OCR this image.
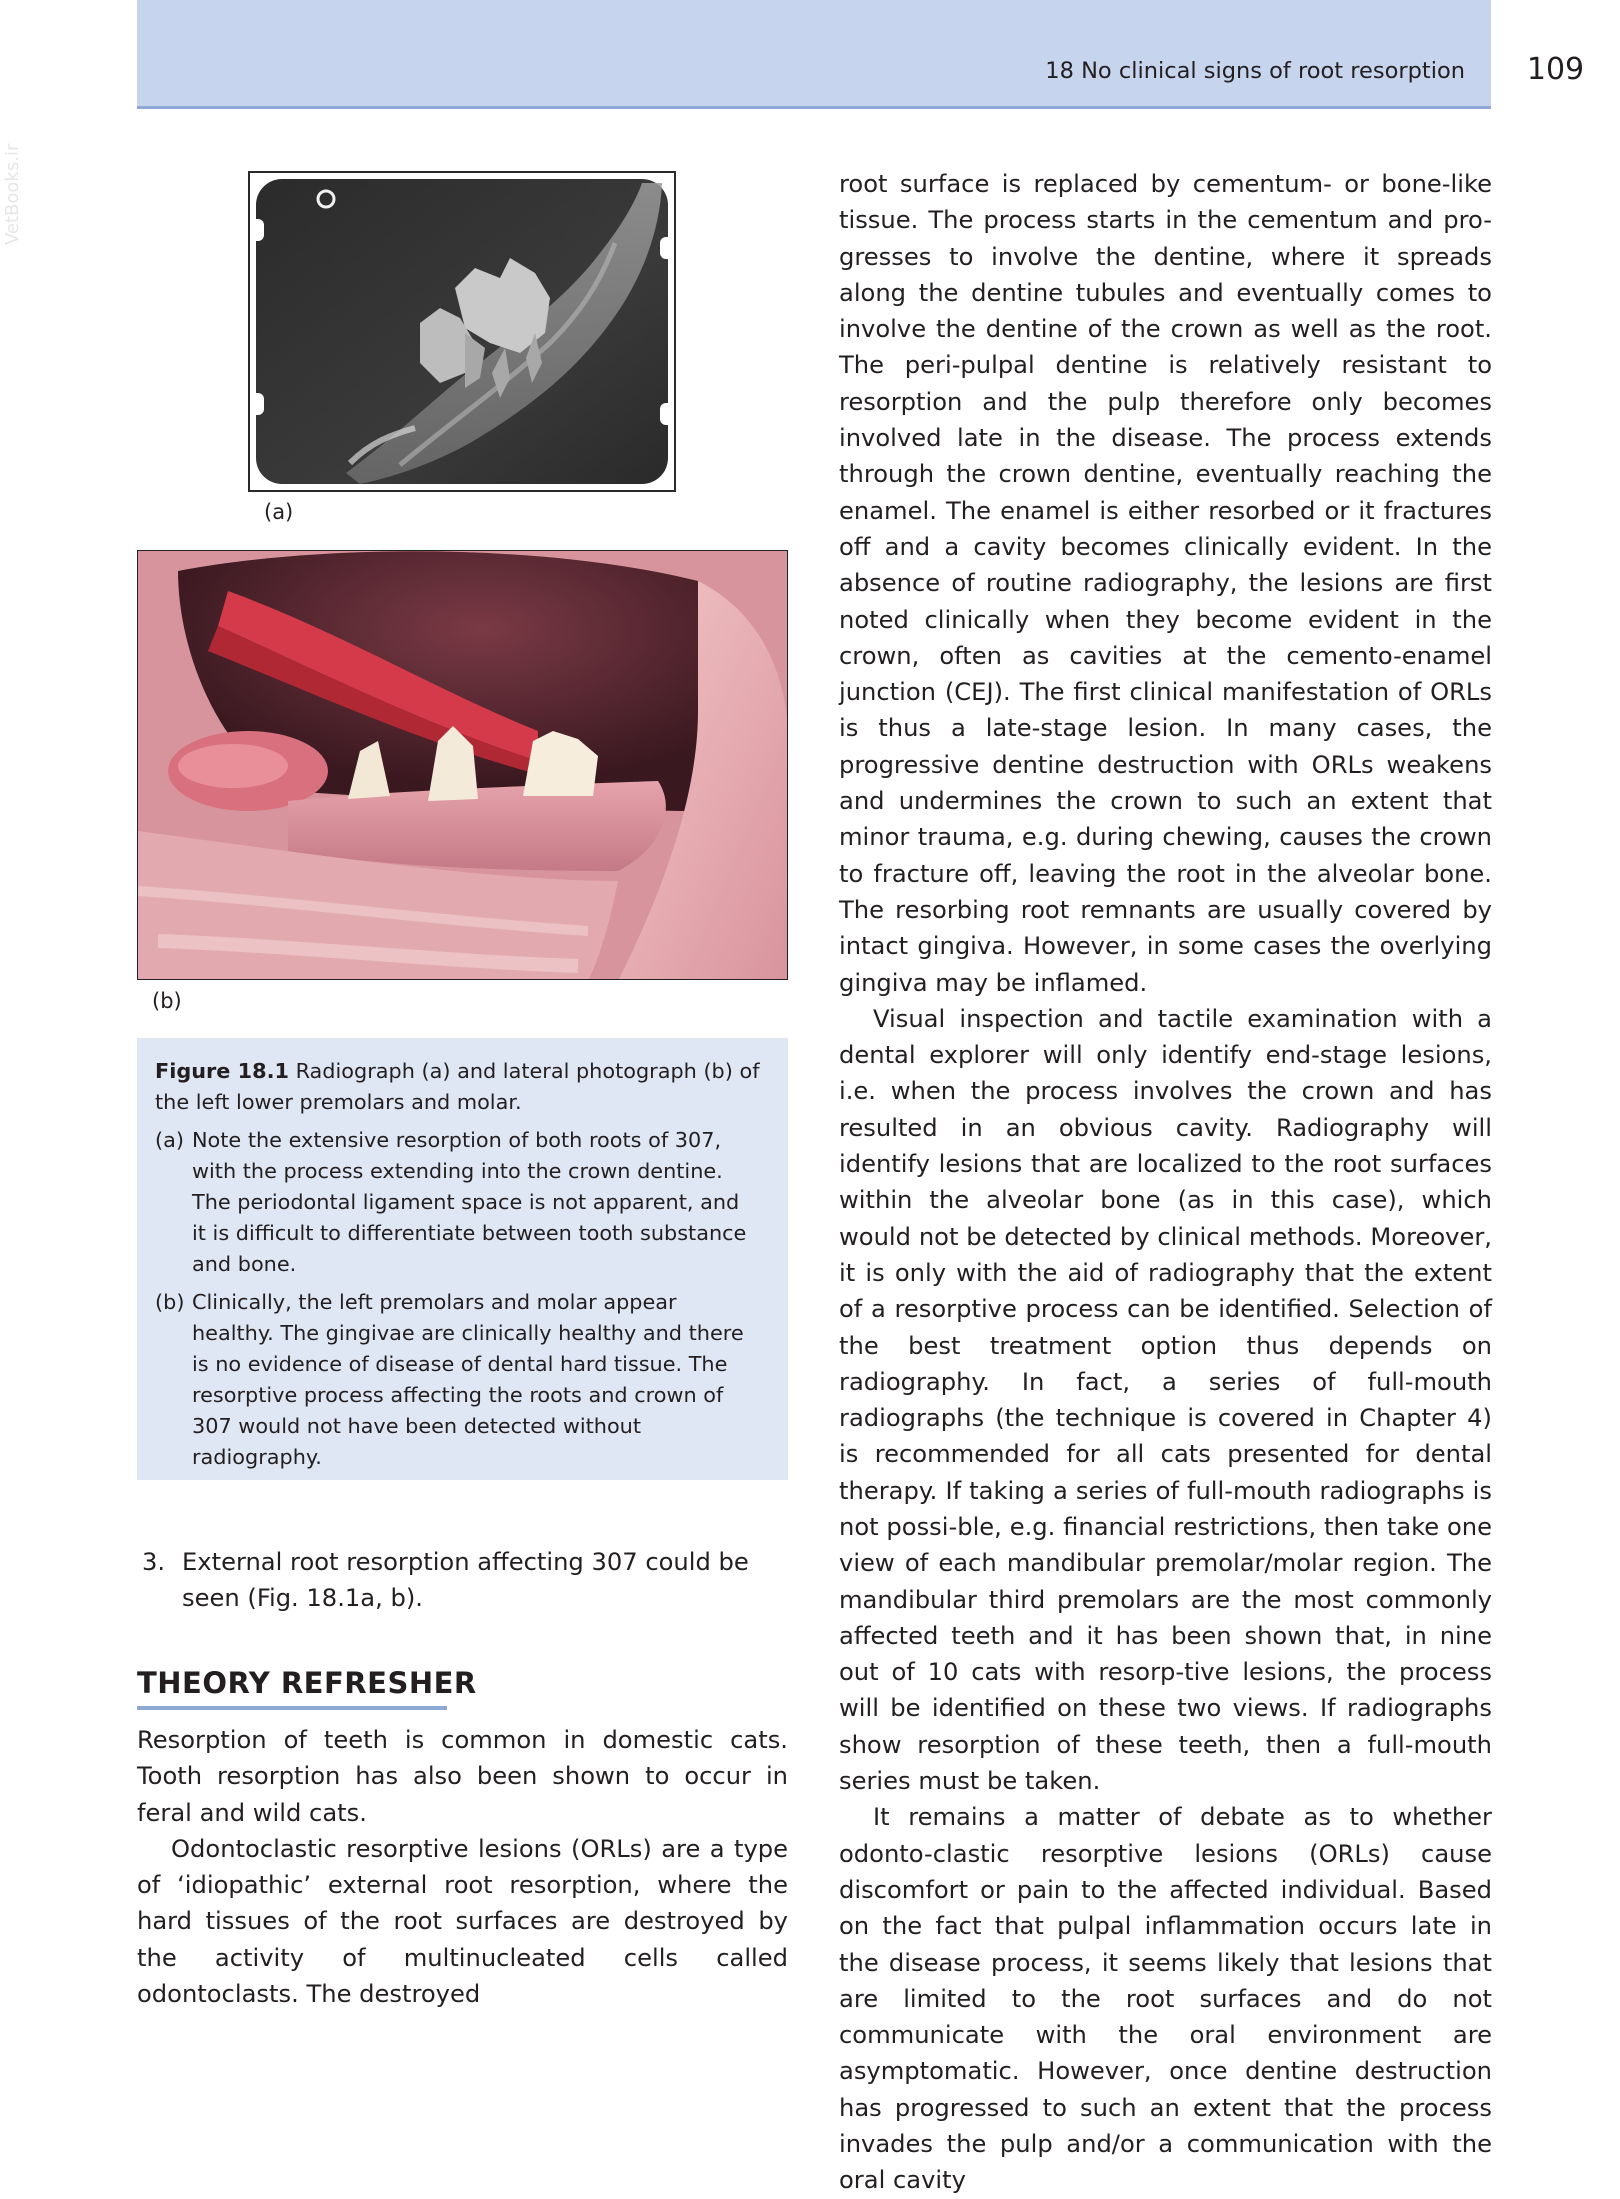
18 No clinical signs of root resorption	109
VetBooks.ir
(a)
(b)

Figure 18.1 Radiograph (a) and lateral photograph (b) of the left lower premolars and molar.

(a) Note the extensive resorption of both roots of 307, with the process extending into the crown dentine. The periodontal ligament space is not apparent, and it is difficult to differentiate between tooth substance and bone.
(b) Clinically, the left premolars and molar appear healthy. The gingivae are clinically healthy and there is no evidence of disease of dental hard tissue. The resorptive process affecting the roots and crown of 307 would not have been detected without radiography.
3. External root resorption affecting 307 could be seen (Fig. 18.1a, b).
THEORY REFRESHER

Resorption of teeth is common in domestic cats. Tooth resorption has also been shown to occur in feral and wild cats.

Odontoclastic resorptive lesions (ORLs) are a type of ‘idiopathic’ external root resorption, where the hard tissues of the root surfaces are destroyed by the activity of multinucleated cells called odontoclasts. The destroyed

root surface is replaced by cementum- or bone-like tissue. The process starts in the cementum and pro-gresses to involve the dentine, where it spreads along the dentine tubules and eventually comes to involve the dentine of the crown as well as the root. The peri-pulpal dentine is relatively resistant to resorption and the pulp therefore only becomes involved late in the disease. The process extends through the crown dentine, eventually reaching the enamel. The enamel is either resorbed or it fractures off and a cavity becomes clinically evident. In the absence of routine radiography, the lesions are first noted clinically when they become evident in the crown, often as cavities at the cemento-enamel junction (CEJ). The first clinical manifestation of ORLs is thus a late-stage lesion. In many cases, the progressive dentine destruction with ORLs weakens and undermines the crown to such an extent that minor trauma, e.g. during chewing, causes the crown to fracture off, leaving the root in the alveolar bone. The resorbing root remnants are usually covered by intact gingiva. However, in some cases the overlying gingiva may be inflamed.

Visual inspection and tactile examination with a dental explorer will only identify end-stage lesions, i.e. when the process involves the crown and has resulted in an obvious cavity. Radiography will identify lesions that are localized to the root surfaces within the alveolar bone (as in this case), which would not be detected by clinical methods. Moreover, it is only with the aid of radiography that the extent of a resorptive process can be identified. Selection of the best treatment option thus depends on radiography. In fact, a series of full-mouth radiographs (the technique is covered in Chapter 4) is recommended for all cats presented for dental therapy. If taking a series of full-mouth radiographs is not possi-ble, e.g. financial restrictions, then take one view of each mandibular premolar/molar region. The mandibular third premolars are the most commonly affected teeth and it has been shown that, in nine out of 10 cats with resorp-tive lesions, the process will be identified on these two views. If radiographs show resorption of these teeth, then a full-mouth series must be taken.

It remains a matter of debate as to whether odonto-clastic resorptive lesions (ORLs) cause discomfort or pain to the affected individual. Based on the fact that pulpal inflammation occurs late in the disease process, it seems likely that lesions that are limited to the root surfaces and do not communicate with the oral environment are asymptomatic. However, once dentine destruction has progressed to such an extent that the process invades the pulp and/or a communication with the oral cavity
